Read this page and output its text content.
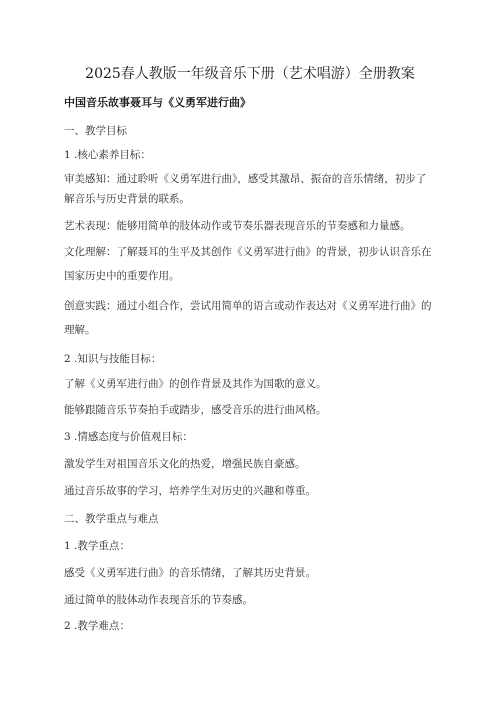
2025春人教版一年级音乐下册（艺术唱游）全册教案
中国音乐故事聂耳与《义勇军进行曲》
一、教学目标
1 .核心素养目标：
审美感知：通过聆听《义勇军进行曲》，感受其激昂、振奋的音乐情绪，初步了
解音乐与历史背景的联系。
艺术表现：能够用简单的肢体动作或节奏乐器表现音乐的节奏感和力量感。
文化理解：了解聂耳的生平及其创作《义勇军进行曲》的背景，初步认识音乐在
国家历史中的重要作用。
创意实践：通过小组合作，尝试用简单的语言或动作表达对《义勇军进行曲》的
理解。
2 .知识与技能目标：
了解《义勇军进行曲》的创作背景及其作为国歌的意义。
能够跟随音乐节奏拍手或踏步，感受音乐的进行曲风格。
3 .情感态度与价值观目标：
激发学生对祖国音乐文化的热爱，增强民族自豪感。
通过音乐故事的学习，培养学生对历史的兴趣和尊重。
二、教学重点与难点
1 .教学重点：
感受《义勇军进行曲》的音乐情绪，了解其历史背景。
通过简单的肢体动作表现音乐的节奏感。
2 .教学难点：
